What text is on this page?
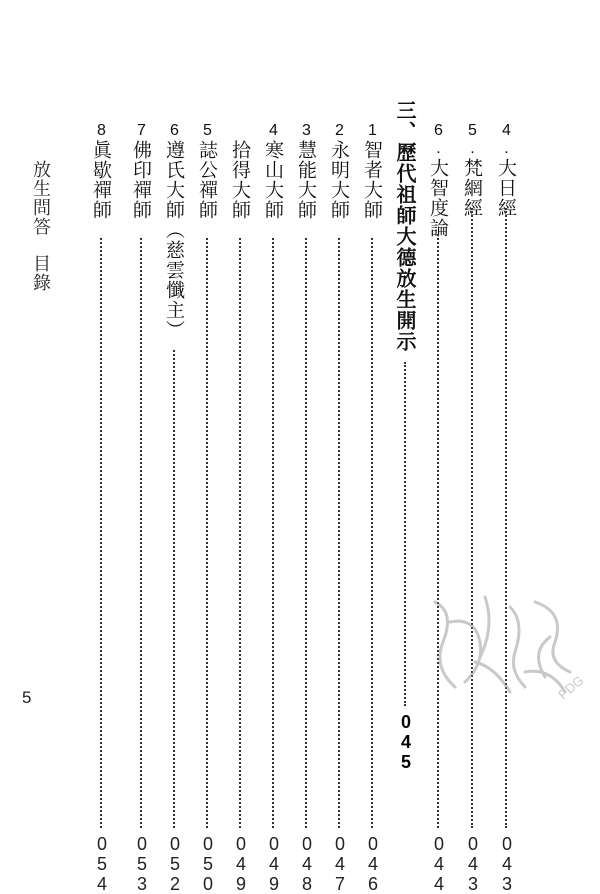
放生問答目錄
5
4.大日經
043
5.梵網經
043
6.大智度論
044
三、歷代祖師大德放生開示
045
1智者大師
046
2永明大師
047
3慧能大師
048
4寒山大師
049
拾得大師
049
5誌公禪師
050
6遵氏大師（慈雲懺主）
052
7佛印禪師
053
8眞歇禪師
054
PDG
